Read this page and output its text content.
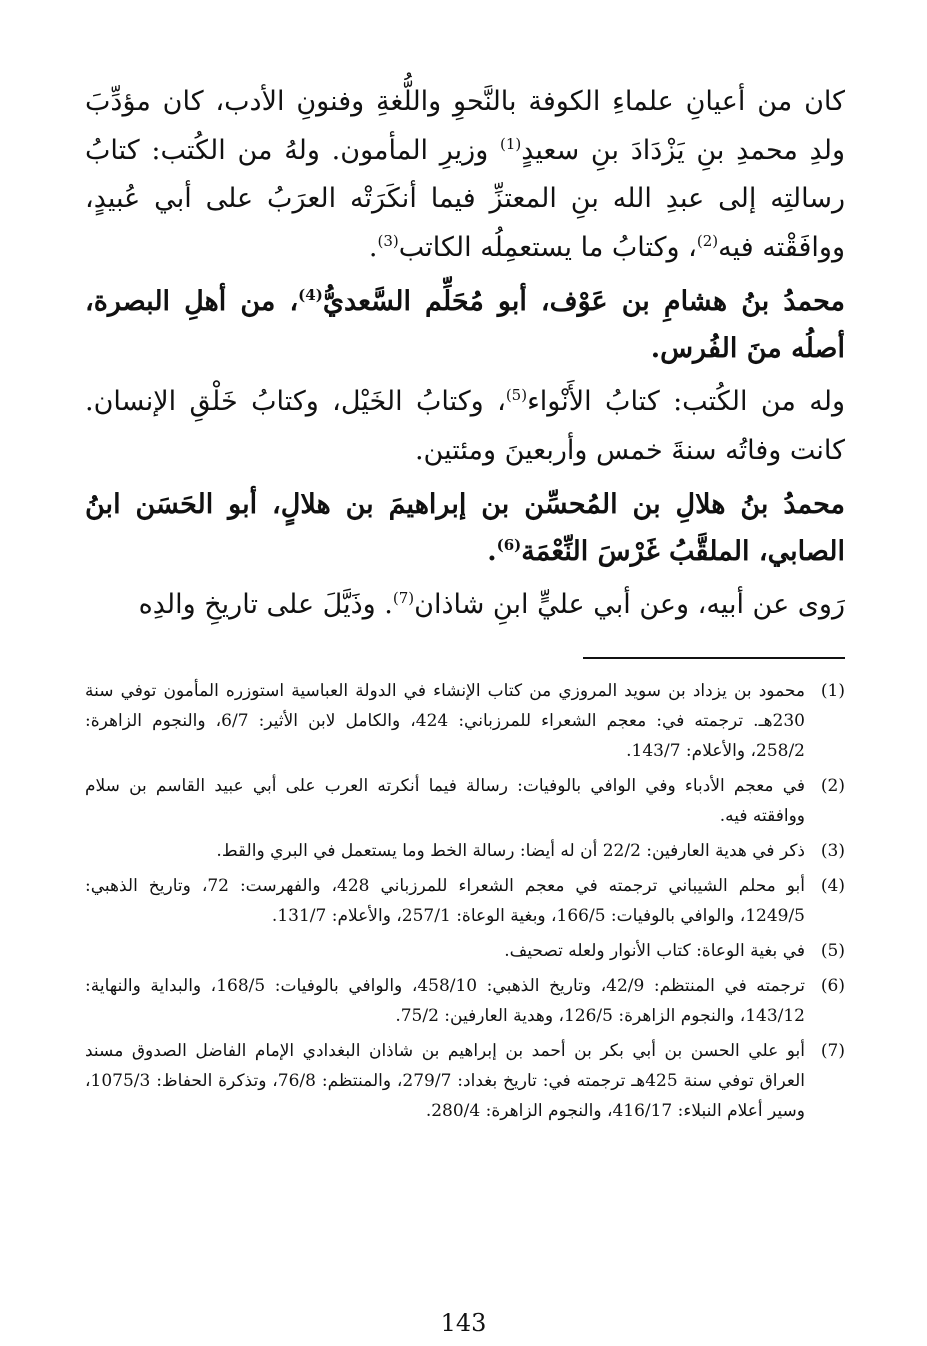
كان من أعيانِ علماءِ الكوفة بالنَّحوِ واللُّغةِ وفنونِ الأدب، كان مؤدِّبَ ولدِ محمدِ بنِ يَزْدَادَ بنِ سعيدٍ$^{(1)}$ وزيرِ المأمون. ولهُ من الكُتب: كتابُ رسالتِه إلى عبدِ الله بنِ المعتزِّ فيما أنكَرَتْه العرَبُ على أبي عُبيدٍ، ووافَقْته فيه$^{(2)}$، وكتابُ ما يستعمِلُه الكاتب$^{(3)}$.

محمدُ بنُ هشامِ بن عَوْف، أبو مُحَلِّم السَّعديُّ$^{(4)}$، من أهلِ البصرة، أصلُه منَ الفُرس.

وله من الكُتب: كتابُ الأَنْواء$^{(5)}$، وكتابُ الخَيْل، وكتابُ خَلْقِ الإنسان. كانت وفاتُه سنةَ خمس وأربعينَ ومئتين.

محمدُ بنُ هلالِ بن المُحسِّن بن إبراهيمَ بن هلالٍ، أبو الحَسَن ابنُ الصابي، الملقَّبُ غَرْسَ النِّعْمَة$^{(6)}$.

رَوى عن أبيه، وعن أبي عليٍّ ابنِ شاذان$^{(7)}$. وذَيَّلَ على تاريخِ والدِه

(1)
محمود بن يزداد بن سويد المروزي من كتاب الإنشاء في الدولة العباسية استوزره المأمون توفي سنة 230هـ. ترجمته في: معجم الشعراء للمرزباني: 424، والكامل لابن الأثير: 6/7، والنجوم الزاهرة: 258/2، والأعلام: 143/7.
(2)
في معجم الأدباء وفي الوافي بالوفيات: رسالة فيما أنكرته العرب على أبي عبيد القاسم بن سلام ووافقته فيه.
(3)
ذكر في هدية العارفين: 22/2 أن له أيضا: رسالة الخط وما يستعمل في البري والقط.
(4)
أبو محلم الشيباني ترجمته في معجم الشعراء للمرزباني 428، والفهرست: 72، وتاريخ الذهبي: 1249/5، والوافي بالوفيات: 166/5، وبغية الوعاة: 257/1، والأعلام: 131/7.
(5)
في بغية الوعاة: كتاب الأنوار ولعله تصحيف.
(6)
ترجمته في المنتظم: 42/9، وتاريخ الذهبي: 458/10، والوافي بالوفيات: 168/5، والبداية والنهاية: 143/12، والنجوم الزاهرة: 126/5، وهدية العارفين: 75/2.
(7)
أبو علي الحسن بن أبي بكر بن أحمد بن إبراهيم بن شاذان البغدادي الإمام الفاضل الصدوق مسند العراق توفي سنة 425هـ ترجمته في: تاريخ بغداد: 279/7، والمنتظم: 76/8، وتذكرة الحفاظ: 1075/3، وسير أعلام النبلاء: 416/17، والنجوم الزاهرة: 280/4.
143
